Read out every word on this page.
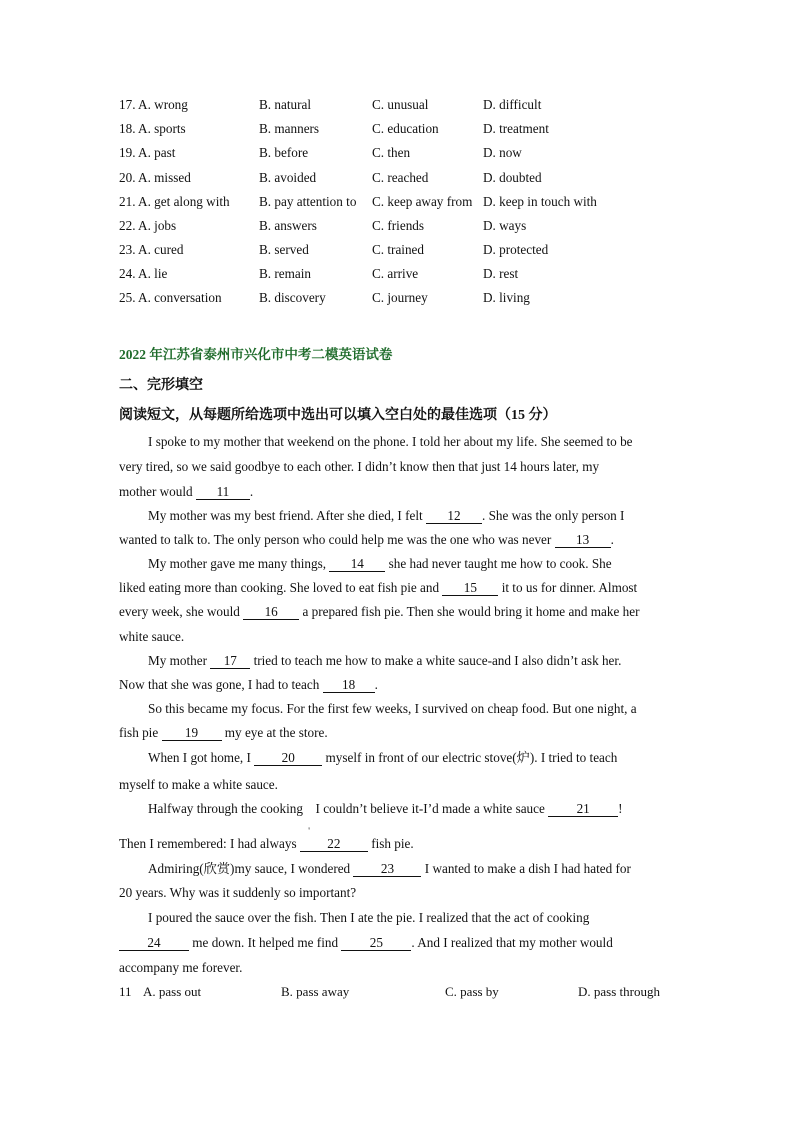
17. A. wrong	B. natural	C. unusual	D. difficult
18. A. sports	B. manners	C. education	D. treatment
19. A. past	B. before	C. then	D. now
20. A. missed	B. avoided	C. reached	D. doubted
21. A. get along with B. pay attention to C. keep away from D. keep in touch with
22. A. jobs	B. answers	C. friends	D. ways
23. A. cured	B. served	C. trained	D. protected
24. A. lie	B. remain	C. arrive	D. rest
25. A. conversation	B. discovery	C. journey	D. living
2022 年江苏省泰州市兴化市中考二模英语试卷
二、完形填空
阅读短文，从每题所给选项中选出可以填入空白处的最佳选项（15 分）
I spoke to my mother that weekend on the phone. I told her about my life. She seemed to be
very tired, so we said goodbye to each other. I didn’t know then that just 14 hours later, my
mother would 11 .
My mother was my best friend. After she died, I felt 12 . She was the only person I
wanted to talk to. The only person who could help me was the one who was never 13 .
My mother gave me many things, 14 she had never taught me how to cook. She
liked eating more than cooking. She loved to eat fish pie and 15 it to us for dinner. Almost
every week, she would 16 a prepared fish pie. Then she would bring it home and make her
white sauce.
My mother 17 tried to teach me how to make a white sauce-and I also didn’t ask her.
Now that she was gone, I had to teach 18 .
So this became my focus. For the first few weeks, I survived on cheap food. But one night, a
fish pie 19 my eye at the store.
When I got home, I 20 myself in front of our electric stove(炉). I tried to teach
myself to make a white sauce.
Halfway through the cooking
'
I couldn’t believe it-I’d made a white sauce 21 !
Then I remembered: I had always 22 fish pie.
Admiring(欣赏)my sauce, I wondered 23 I wanted to make a dish I had hated for
20 years. Why was it suddenly so important?
I poured the sauce over the fish. Then I ate the pie. I realized that the act of cooking
24 me down. It helped me find 25 . And I realized that my mother would
accompany me forever.
11 A. pass out	B. pass away	C. pass by	D. pass through
